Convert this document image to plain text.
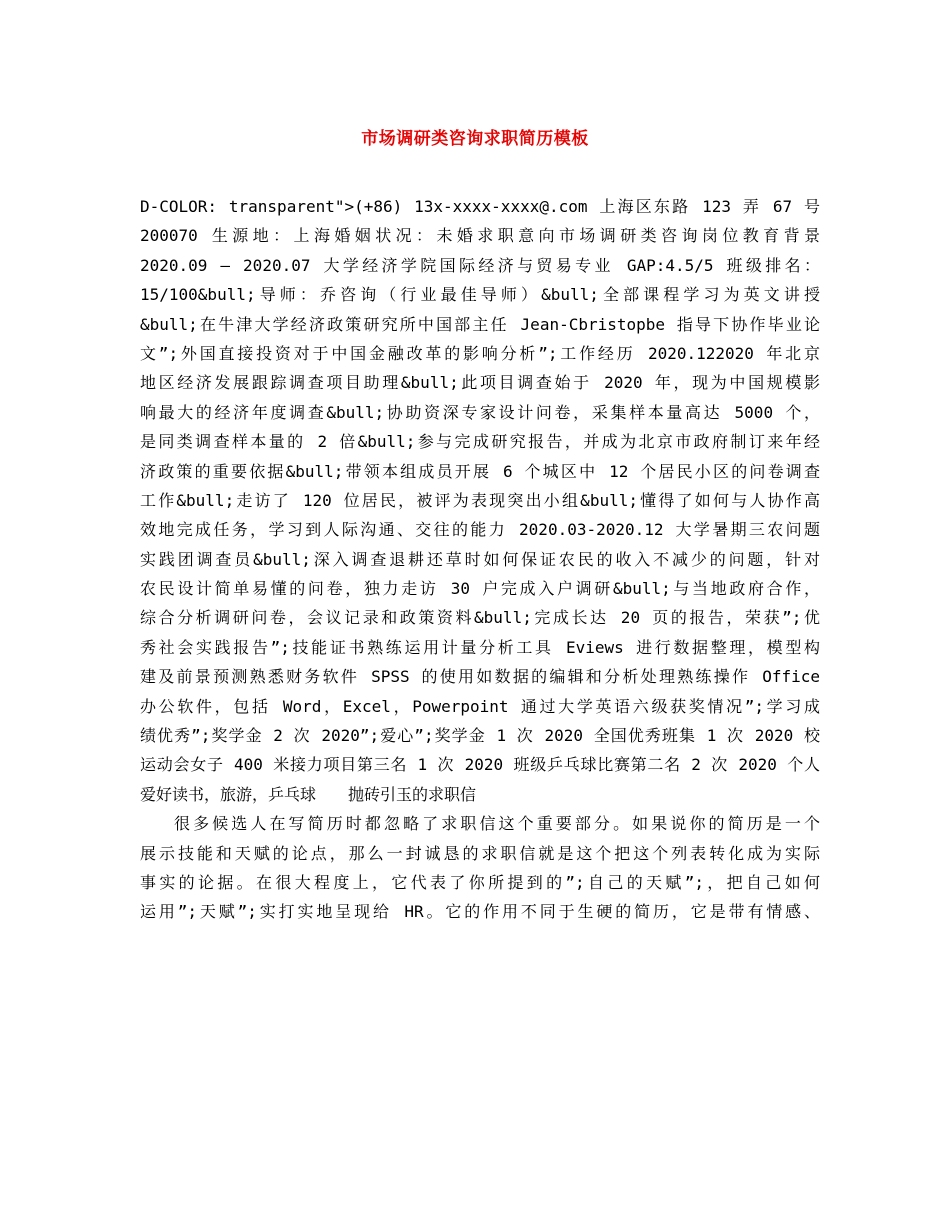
市场调研类咨询求职简历模板
D-COLOR: transparent">(+86) 13x-xxxx-xxxx@.com 上海区东路 123 弄 67 号
200070 生源地：上海婚姻状况：未婚求职意向市场调研类咨询岗位教育背景
2020.09 – 2020.07 大学经济学院国际经济与贸易专业 GAP:4.5/5 班级排名：
15/100&bull;导师：乔咨询（行业最佳导师）&bull;全部课程学习为英文讲授
&bull;在牛津大学经济政策研究所中国部主任 Jean-Cbristopbe 指导下协作毕业论
文”;外国直接投资对于中国金融改革的影响分析”;工作经历 2020.122020 年北京
地区经济发展跟踪调查项目助理&bull;此项目调查始于 2020 年，现为中国规模影
响最大的经济年度调查&bull;协助资深专家设计问卷，采集样本量高达 5000 个，
是同类调查样本量的 2 倍&bull;参与完成研究报告，并成为北京市政府制订来年经
济政策的重要依据&bull;带领本组成员开展 6 个城区中 12 个居民小区的问卷调查
工作&bull;走访了 120 位居民，被评为表现突出小组&bull;懂得了如何与人协作高
效地完成任务，学习到人际沟通、交往的能力 2020.03-2020.12 大学暑期三农问题
实践团调查员&bull;深入调查退耕还草时如何保证农民的收入不减少的问题，针对
农民设计简单易懂的问卷，独力走访 30 户完成入户调研&bull;与当地政府合作，
综合分析调研问卷，会议记录和政策资料&bull;完成长达 20 页的报告，荣获”;优
秀社会实践报告”;技能证书熟练运用计量分析工具 Eviews 进行数据整理，模型构
建及前景预测熟悉财务软件 SPSS 的使用如数据的编辑和分析处理熟练操作 Office
办公软件，包括 Word，Excel，Powerpoint 通过大学英语六级获奖情况”;学习成
绩优秀”;奖学金 2 次 2020”;爱心”;奖学金 1 次 2020 全国优秀班集 1 次 2020 校
运动会女子 400 米接力项目第三名 1 次 2020 班级乒乓球比赛第二名 2 次 2020 个人
爱好读书，旅游，乒乓球　　抛砖引玉的求职信
很多候选人在写简历时都忽略了求职信这个重要部分。如果说你的简历是一个
展示技能和天赋的论点，那么一封诚恳的求职信就是这个把这个列表转化成为实际
事实的论据。在很大程度上，它代表了你所提到的”;自己的天赋”;，把自己如何
运用”;天赋”;实打实地呈现给 HR。它的作用不同于生硬的简历，它是带有情感、
